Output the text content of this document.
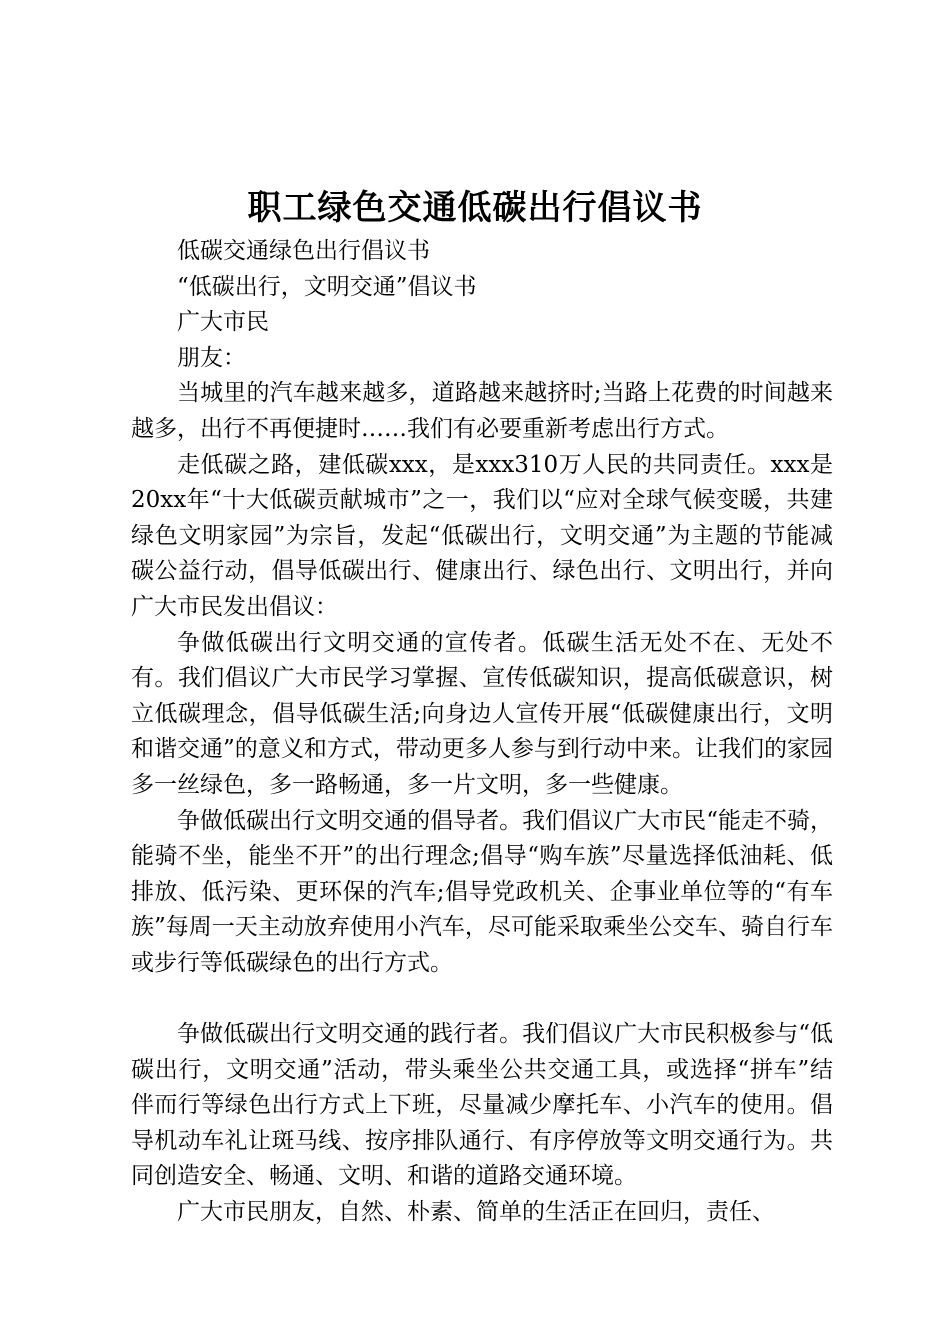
职工绿色交通低碳出行倡议书

低碳交通绿色出行倡议书

“低碳出行，文明交通”倡议书

广大市民

朋友：

当城里的汽车越来越多，道路越来越挤时;当路上花费的时间越来越多，出行不再便捷时……我们有必要重新考虑出行方式。

走低碳之路，建低碳xxx，是xxx310万人民的共同责任。xxx是20xx年“十大低碳贡献城市”之一，我们以“应对全球气候变暖，共建绿色文明家园”为宗旨，发起“低碳出行，文明交通”为主题的节能减碳公益行动，倡导低碳出行、健康出行、绿色出行、文明出行，并向广大市民发出倡议：

争做低碳出行文明交通的宣传者。低碳生活无处不在、无处不有。我们倡议广大市民学习掌握、宣传低碳知识，提高低碳意识，树立低碳理念，倡导低碳生活;向身边人宣传开展“低碳健康出行，文明和谐交通”的意义和方式，带动更多人参与到行动中来。让我们的家园多一丝绿色，多一路畅通，多一片文明，多一些健康。

争做低碳出行文明交通的倡导者。我们倡议广大市民“能走不骑，能骑不坐，能坐不开”的出行理念;倡导“购车族”尽量选择低油耗、低排放、低污染、更环保的汽车;倡导党政机关、企事业单位等的“有车族”每周一天主动放弃使用小汽车，尽可能采取乘坐公交车、骑自行车或步行等低碳绿色的出行方式。

争做低碳出行文明交通的践行者。我们倡议广大市民积极参与“低碳出行，文明交通”活动，带头乘坐公共交通工具，或选择“拼车”结伴而行等绿色出行方式上下班，尽量减少摩托车、小汽车的使用。倡导机动车礼让斑马线、按序排队通行、有序停放等文明交通行为。共同创造安全、畅通、文明、和谐的道路交通环境。

广大市民朋友，自然、朴素、简单的生活正在回归，责任、
